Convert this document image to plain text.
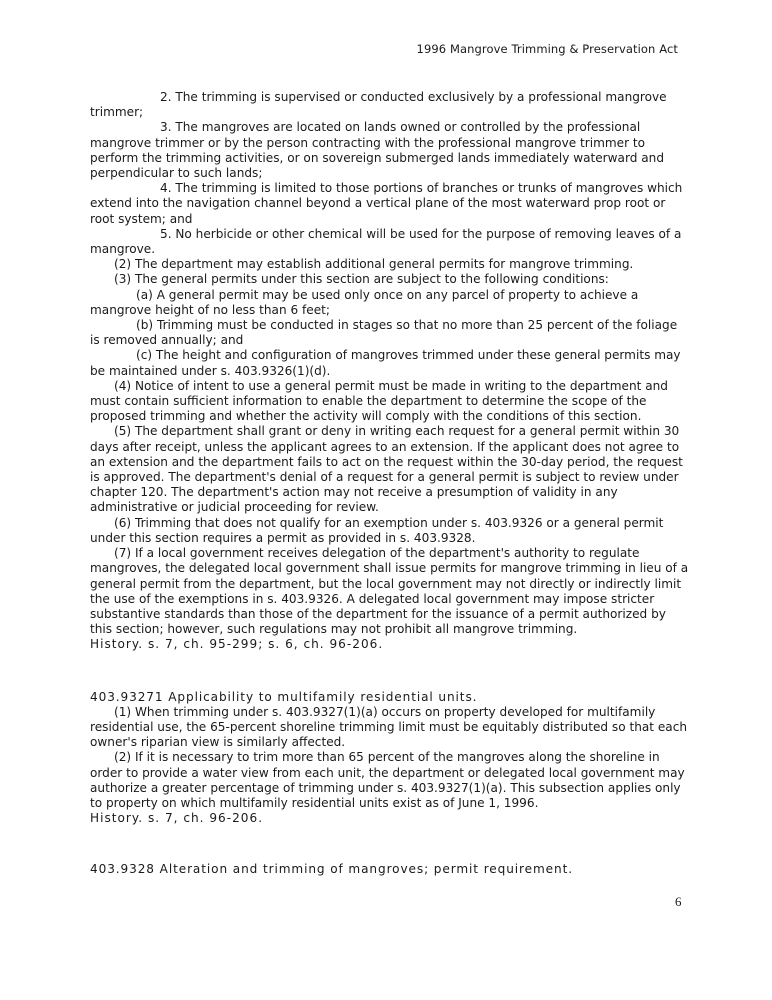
1996 Mangrove Trimming & Preservation Act

2. The trimming is supervised or conducted exclusively by a professional mangrove trimmer;

3. The mangroves are located on lands owned or controlled by the professional mangrove trimmer or by the person contracting with the professional mangrove trimmer to perform the trimming activities, or on sovereign submerged lands immediately waterward and perpendicular to such lands;

4. The trimming is limited to those portions of branches or trunks of mangroves which extend into the navigation channel beyond a vertical plane of the most waterward prop root or root system; and

5. No herbicide or other chemical will be used for the purpose of removing leaves of a mangrove.

(2) The department may establish additional general permits for mangrove trimming.

(3) The general permits under this section are subject to the following conditions:

(a) A general permit may be used only once on any parcel of property to achieve a mangrove height of no less than 6 feet;

(b) Trimming must be conducted in stages so that no more than 25 percent of the foliage is removed annually; and

(c) The height and configuration of mangroves trimmed under these general permits may be maintained under s. 403.9326(1)(d).

(4) Notice of intent to use a general permit must be made in writing to the department and must contain sufficient information to enable the department to determine the scope of the proposed trimming and whether the activity will comply with the conditions of this section.

(5) The department shall grant or deny in writing each request for a general permit within 30 days after receipt, unless the applicant agrees to an extension. If the applicant does not agree to an extension and the department fails to act on the request within the 30-day period, the request is approved. The department's denial of a request for a general permit is subject to review under chapter 120. The department's action may not receive a presumption of validity in any administrative or judicial proceeding for review.

(6) Trimming that does not qualify for an exemption under s. 403.9326 or a general permit under this section requires a permit as provided in s. 403.9328.

(7) If a local government receives delegation of the department's authority to regulate mangroves, the delegated local government shall issue permits for mangrove trimming in lieu of a general permit from the department, but the local government may not directly or indirectly limit the use of the exemptions in s. 403.9326. A delegated local government may impose stricter substantive standards than those of the department for the issuance of a permit authorized by this section; however, such regulations may not prohibit all mangrove trimming.

History. s. 7, ch. 95-299; s. 6, ch. 96-206.

403.93271 Applicability to multifamily residential units.

(1) When trimming under s. 403.9327(1)(a) occurs on property developed for multifamily residential use, the 65-percent shoreline trimming limit must be equitably distributed so that each owner's riparian view is similarly affected.

(2) If it is necessary to trim more than 65 percent of the mangroves along the shoreline in order to provide a water view from each unit, the department or delegated local government may authorize a greater percentage of trimming under s. 403.9327(1)(a). This subsection applies only to property on which multifamily residential units exist as of June 1, 1996.

History. s. 7, ch. 96-206.

403.9328 Alteration and trimming of mangroves; permit requirement.

6
